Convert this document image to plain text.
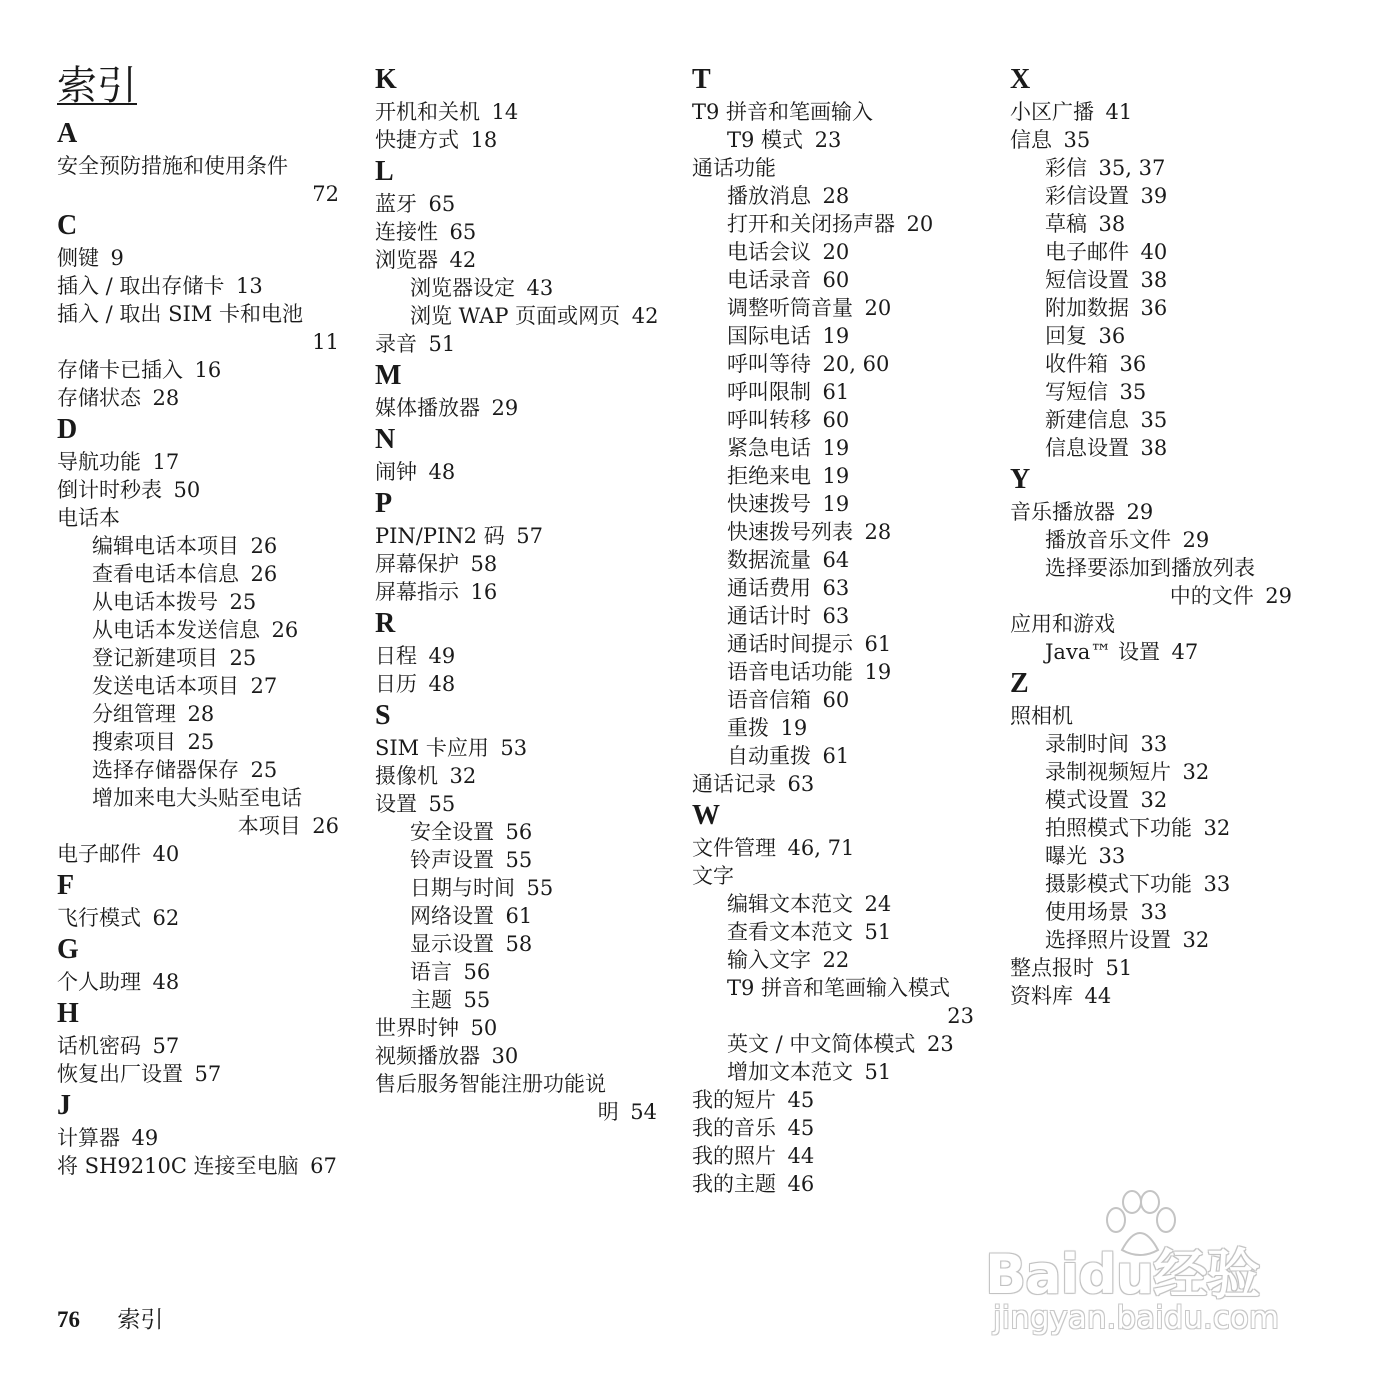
索引
A
安全预防措施和使用条件
72
C
侧键 9
插入 / 取出存储卡 13
插入 / 取出 SIM 卡和电池
11
存储卡已插入 16
存储状态 28
D
导航功能 17
倒计时秒表 50
电话本
编辑电话本项目 26
查看电话本信息 26
从电话本拨号 25
从电话本发送信息 26
登记新建项目 25
发送电话本项目 27
分组管理 28
搜索项目 25
选择存储器保存 25
增加来电大头贴至电话
本项目 26
电子邮件 40
F
飞行模式 62
G
个人助理 48
H
话机密码 57
恢复出厂设置 57
J
计算器 49
将 SH9210C 连接至电脑 67
K
开机和关机 14
快捷方式 18
L
蓝牙 65
连接性 65
浏览器 42
浏览器设定 43
浏览 WAP 页面或网页 42
录音 51
M
媒体播放器 29
N
闹钟 48
P
PIN/PIN2 码 57
屏幕保护 58
屏幕指示 16
R
日程 49
日历 48
S
SIM 卡应用 53
摄像机 32
设置 55
安全设置 56
铃声设置 55
日期与时间 55
网络设置 61
显示设置 58
语言 56
主题 55
世界时钟 50
视频播放器 30
售后服务智能注册功能说
明 54
T
T9 拼音和笔画输入
T9 模式 23
通话功能
播放消息 28
打开和关闭扬声器 20
电话会议 20
电话录音 60
调整听筒音量 20
国际电话 19
呼叫等待 20, 60
呼叫限制 61
呼叫转移 60
紧急电话 19
拒绝来电 19
快速拨号 19
快速拨号列表 28
数据流量 64
通话费用 63
通话计时 63
通话时间提示 61
语音电话功能 19
语音信箱 60
重拨 19
自动重拨 61
通话记录 63
W
文件管理 46, 71
文字
编辑文本范文 24
查看文本范文 51
输入文字 22
T9 拼音和笔画输入模式
23
英文 / 中文简体模式 23
增加文本范文 51
我的短片 45
我的音乐 45
我的照片 44
我的主题 46
X
小区广播 41
信息 35
彩信 35, 37
彩信设置 39
草稿 38
电子邮件 40
短信设置 38
附加数据 36
回复 36
收件箱 36
写短信 35
新建信息 35
信息设置 38
Y
音乐播放器 29
播放音乐文件 29
选择要添加到播放列表
中的文件 29
应用和游戏
Java™ 设置 47
Z
照相机
录制时间 33
录制视频短片 32
模式设置 32
拍照模式下功能 32
曝光 33
摄影模式下功能 33
使用场景 33
选择照片设置 32
整点报时 51
资料库 44
76 索引
Baidu经验
jingyan.baidu.com
